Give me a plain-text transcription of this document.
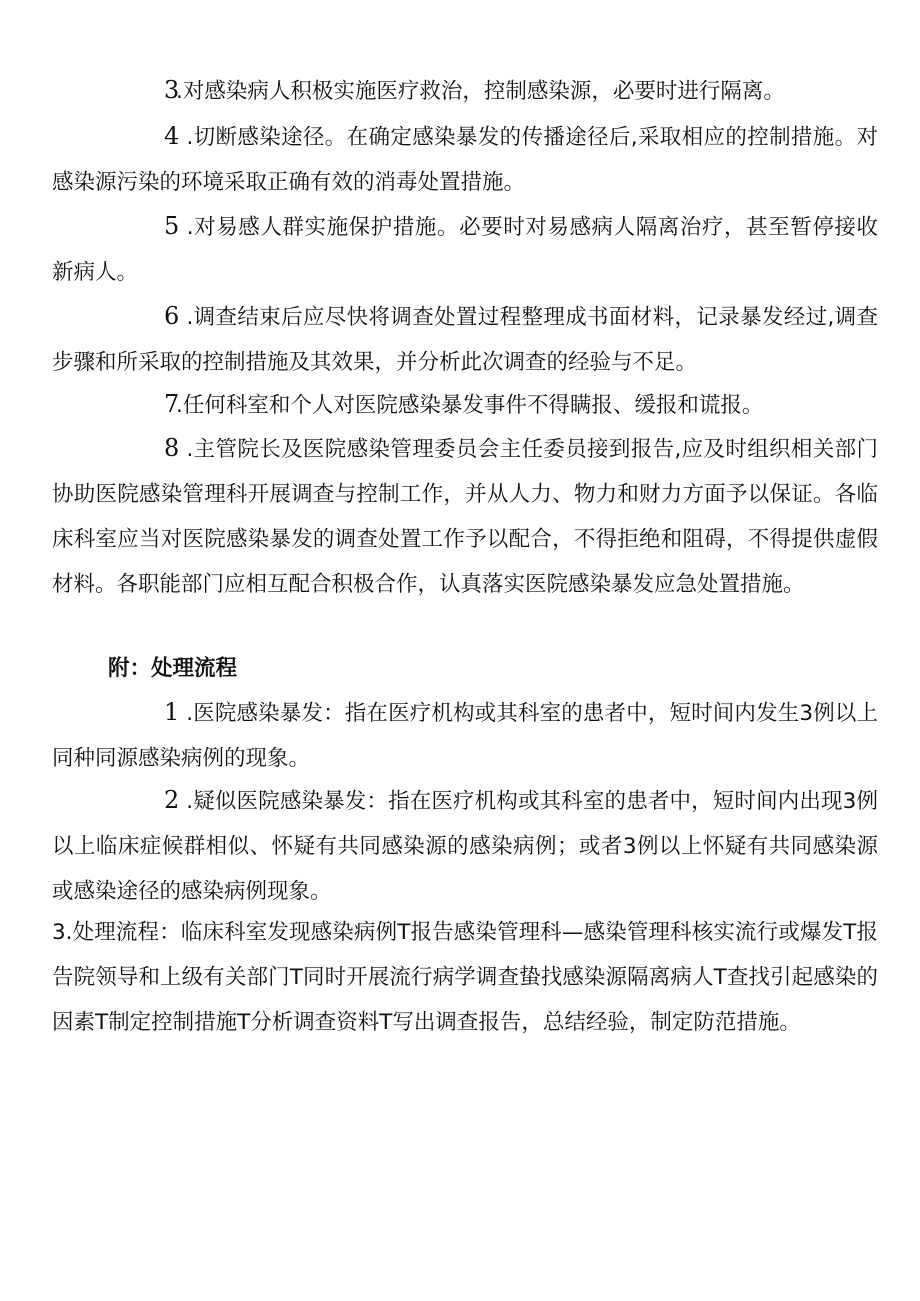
3.对感染病人积极实施医疗救治，控制感染源，必要时进行隔离。

4 .切断感染途径。在确定感染暴发的传播途径后,采取相应的控制措施。对感染源污染的环境采取正确有效的消毒处置措施。

5 .对易感人群实施保护措施。必要时对易感病人隔离治疗，甚至暂停接收新病人。

6 .调查结束后应尽快将调查处置过程整理成书面材料，记录暴发经过,调查步骤和所采取的控制措施及其效果，并分析此次调查的经验与不足。

7.任何科室和个人对医院感染暴发事件不得瞒报、缓报和谎报。

8 .主管院长及医院感染管理委员会主任委员接到报告,应及时组织相关部门协助医院感染管理科开展调查与控制工作，并从人力、物力和财力方面予以保证。各临床科室应当对医院感染暴发的调查处置工作予以配合，不得拒绝和阻碍，不得提供虚假材料。各职能部门应相互配合积极合作，认真落实医院感染暴发应急处置措施。

附：处理流程

1 .医院感染暴发：指在医疗机构或其科室的患者中，短时间内发生3例以上同种同源感染病例的现象。

2 .疑似医院感染暴发：指在医疗机构或其科室的患者中，短时间内出现3例以上临床症候群相似、怀疑有共同感染源的感染病例；或者3例以上怀疑有共同感染源或感染途径的感染病例现象。

3.处理流程：临床科室发现感染病例T报告感染管理科—感染管理科核实流行或爆发T报告院领导和上级有关部门T同时开展流行病学调查蛰找感染源隔离病人T查找引起感染的因素T制定控制措施T分析调查资料T写出调查报告，总结经验，制定防范措施。
